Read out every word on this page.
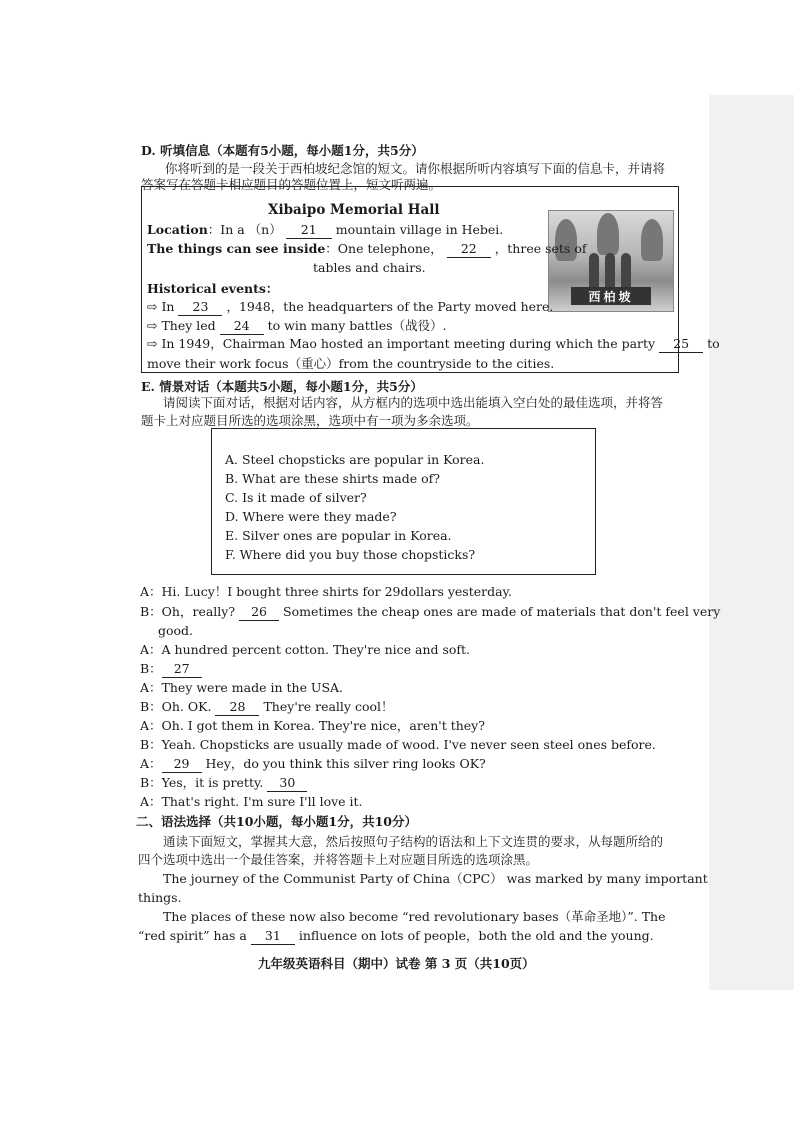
D. 听填信息（本题有5小题，每小题1分，共5分）
你将听到的是一段关于西柏坡纪念馆的短文。请你根据所听内容填写下面的信息卡，并请将
答案写在答题卡相应题目的答题位置上，短文听两遍。
西柏坡
Xibaipo Memorial Hall
Location：In a （n） 21 mountain village in Hebei.
The things can see inside：One telephone， 22 ，three sets of
tables and chairs.
Historical events：
⇨ In 23 ，1948，the headquarters of the Party moved here.
⇨ They led 24 to win many battles（战役）.
⇨ In 1949，Chairman Mao hosted an important meeting during which the party 25 to
move their work focus（重心）from the countryside to the cities.
E. 情景对话（本题共5小题，每小题1分，共5分）
请阅读下面对话，根据对话内容，从方框内的选项中选出能填入空白处的最佳选项，并将答
题卡上对应题目所选的选项涂黑，选项中有一项为多余选项。
A. Steel chopsticks are popular in Korea.
B. What are these shirts made of?
C. Is it made of silver?
D. Where were they made?
E. Silver ones are popular in Korea.
F. Where did you buy those chopsticks?
A：Hi. Lucy！I bought three shirts for 29dollars yesterday.
B：Oh，really? 26 Sometimes the cheap ones are made of materials that don't feel very
good.
A：A hundred percent cotton. They're nice and soft.
B： 27
A：They were made in the USA.
B：Oh. OK. 28 They're really cool！
A：Oh. I got them in Korea. They're nice，aren't they?
B：Yeah. Chopsticks are usually made of wood. I've never seen steel ones before.
A： 29 Hey，do you think this silver ring looks OK?
B：Yes，it is pretty. 30
A：That's right. I'm sure I'll love it.
二、语法选择（共10小题，每小题1分，共10分）
通读下面短文，掌握其大意，然后按照句子结构的语法和上下文连贯的要求，从每题所给的
四个选项中选出一个最佳答案，并将答题卡上对应题目所选的选项涂黑。
The journey of the Communist Party of China（CPC） was marked by many important
things.
The places of these now also become “red revolutionary bases（革命圣地）”. The
“red spirit” has a 31 influence on lots of people，both the old and the young.
九年级英语科目（期中）试卷 第 3 页（共10页）
